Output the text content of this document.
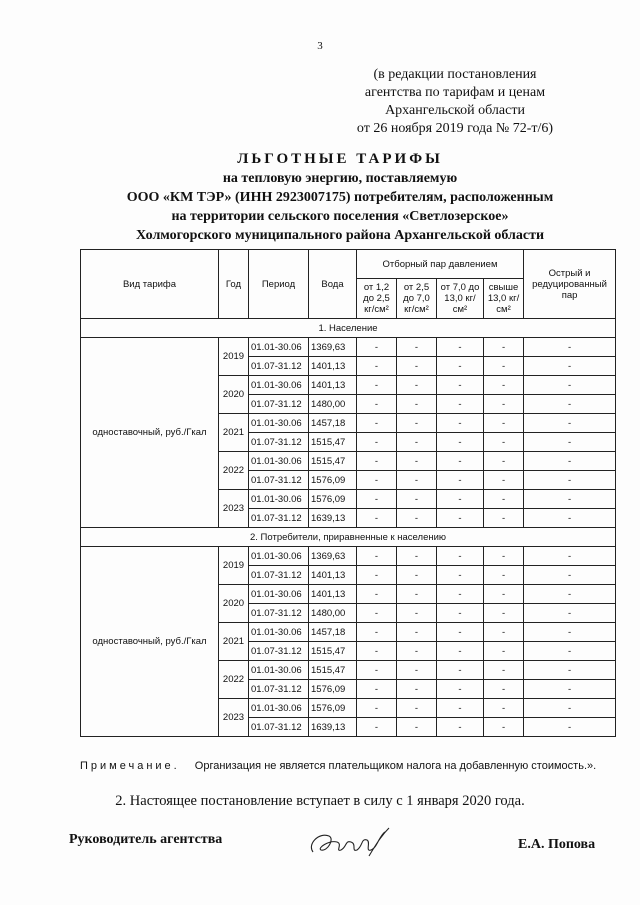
3
(в редакции постановления
агентства по тарифам и ценам
Архангельской области
от 26 ноября 2019 года № 72-т/6)
ЛЬГОТНЫЕ ТАРИФЫ
на тепловую энергию, поставляемую
ООО «КМ ТЭР» (ИНН 2923007175) потребителям, расположенным
на территории сельского поселения «Светлозерское»
Холмогорского муниципального района Архангельской области
Вид тарифа	Год	Период	Вода	Отборный пар давлением				Острый и редуцированный пар
				от 1,2 до 2,5 кг/см²	от 2,5 до 7,0 кг/см²	от 7,0 до 13,0 кг/см²	свыше 13,0 кг/см²	
1. Население								
одноставочный, руб./Гкал	2019	01.01-30.06	1369,63	-	-	-	-	-
		01.07-31.12	1401,13	-	-	-	-	-
	2020	01.01-30.06	1401,13	-	-	-	-	-
		01.07-31.12	1480,00	-	-	-	-	-
	2021	01.01-30.06	1457,18	-	-	-	-	-
		01.07-31.12	1515,47	-	-	-	-	-
	2022	01.01-30.06	1515,47	-	-	-	-	-
		01.07-31.12	1576,09	-	-	-	-	-
	2023	01.01-30.06	1576,09	-	-	-	-	-
		01.07-31.12	1639,13	-	-	-	-	-
2. Потребители, приравненные к населению								
одноставочный, руб./Гкал	2019	01.01-30.06	1369,63	-	-	-	-	-
		01.07-31.12	1401,13	-	-	-	-	-
	2020	01.01-30.06	1401,13	-	-	-	-	-
		01.07-31.12	1480,00	-	-	-	-	-
	2021	01.01-30.06	1457,18	-	-	-	-	-
		01.07-31.12	1515,47	-	-	-	-	-
	2022	01.01-30.06	1515,47	-	-	-	-	-
		01.07-31.12	1576,09	-	-	-	-	-
	2023	01.01-30.06	1576,09	-	-	-	-	-
		01.07-31.12	1639,13	-	-	-	-	-
Примечание. Организация не является плательщиком налога на добавленную стоимость.».
2. Настоящее постановление вступает в силу с 1 января 2020 года.
Руководитель агентства	Е.А. Попова
